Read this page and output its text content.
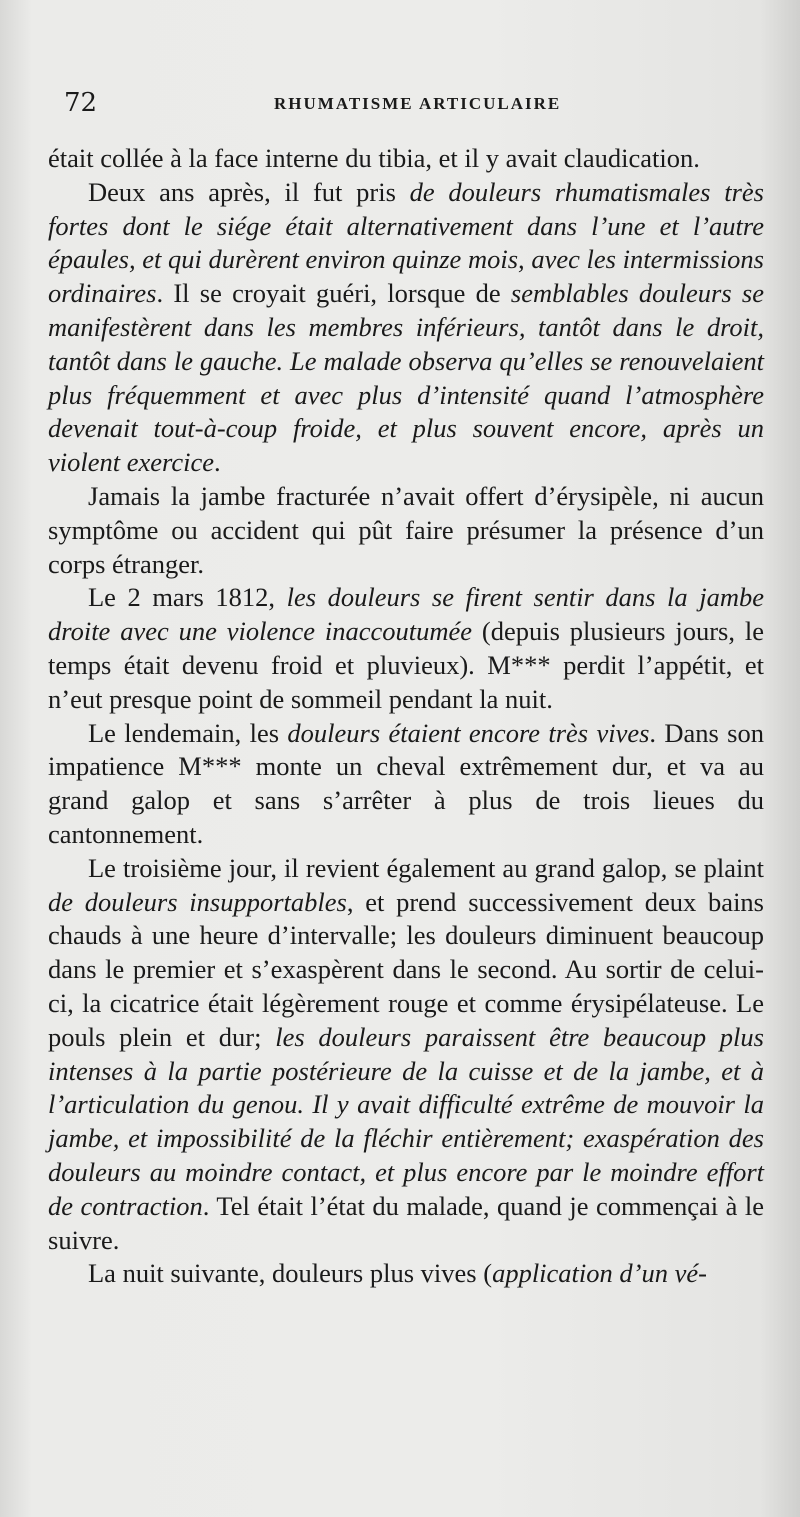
72	RHUMATISME ARTICULAIRE

était collée à la face interne du tibia, et il y avait claudication.

Deux ans après, il fut pris de douleurs rhumatismales très fortes dont le siége était alternativement dans l’une et l’autre épaules, et qui durèrent environ quinze mois, avec les intermissions ordinaires. Il se croyait guéri, lorsque de semblables douleurs se manifestèrent dans les membres inférieurs, tantôt dans le droit, tantôt dans le gauche. Le malade observa qu’elles se renouvelaient plus fréquemment et avec plus d’intensité quand l’atmosphère devenait tout-à-coup froide, et plus souvent encore, après un violent exercice.

Jamais la jambe fracturée n’avait offert d’érysipèle, ni aucun symptôme ou accident qui pût faire présumer la présence d’un corps étranger.

Le 2 mars 1812, les douleurs se firent sentir dans la jambe droite avec une violence inaccoutumée (depuis plusieurs jours, le temps était devenu froid et pluvieux). M*** perdit l’appétit, et n’eut presque point de sommeil pendant la nuit.

Le lendemain, les douleurs étaient encore très vives. Dans son impatience M*** monte un cheval extrêmement dur, et va au grand galop et sans s’arrêter à plus de trois lieues du cantonnement.

Le troisième jour, il revient également au grand galop, se plaint de douleurs insupportables, et prend successivement deux bains chauds à une heure d’intervalle; les douleurs diminuent beaucoup dans le premier et s’exaspèrent dans le second. Au sortir de celui-ci, la cicatrice était légèrement rouge et comme érysipélateuse. Le pouls plein et dur; les douleurs paraissent être beaucoup plus intenses à la partie postérieure de la cuisse et de la jambe, et à l’articulation du genou. Il y avait difficulté extrême de mouvoir la jambe, et impossibilité de la fléchir entièrement; exaspération des douleurs au moindre contact, et plus encore par le moindre effort de contraction. Tel était l’état du malade, quand je commençai à le suivre.

La nuit suivante, douleurs plus vives (application d’un vé-
